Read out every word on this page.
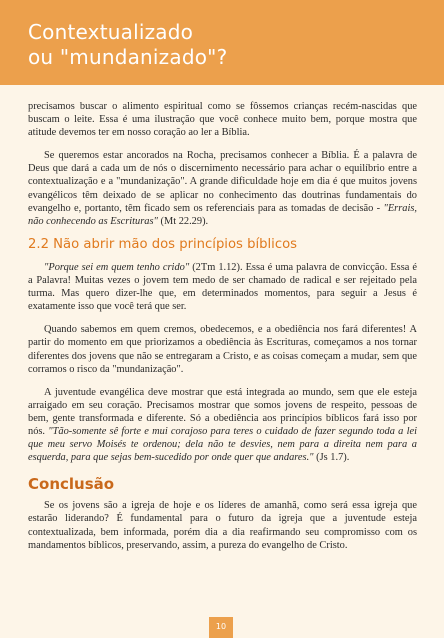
Contextualizado
ou "mundanizado"?

precisamos buscar o alimento espiritual como se fôssemos crianças recém-nascidas que buscam o leite. Essa é uma ilustração que você conhece muito bem, porque mostra que atitude devemos ter em nosso coração ao ler a Bíblia.

Se queremos estar ancorados na Rocha, precisamos conhecer a Bíblia. É a palavra de Deus que dará a cada um de nós o discernimento necessário para achar o equilíbrio entre a contextualização e a "mundanização". A grande dificuldade hoje em dia é que muitos jovens evangélicos têm deixado de se aplicar no conhecimento das doutrinas fundamentais do evangelho e, portanto, têm ficado sem os referenciais para as tomadas de decisão - "Errais, não conhecendo as Escrituras" (Mt 22.29).

2.2 Não abrir mão dos princípios bíblicos

"Porque sei em quem tenho crido" (2Tm 1.12). Essa é uma palavra de convicção. Essa é a Palavra! Muitas vezes o jovem tem medo de ser chamado de radical e ser rejeitado pela turma. Mas quero dizer-lhe que, em determinados momentos, para seguir a Jesus é exatamente isso que você terá que ser.

Quando sabemos em quem cremos, obedecemos, e a obediência nos fará diferentes! A partir do momento em que priorizamos a obediência às Escrituras, começamos a nos tornar diferentes dos jovens que não se entregaram a Cristo, e as coisas começam a mudar, sem que corramos o risco da "mundanização".

A juventude evangélica deve mostrar que está integrada ao mundo, sem que ele esteja arraigado em seu coração. Precisamos mostrar que somos jovens de respeito, pessoas de bem, gente transformada e diferente. Só a obediência aos princípios bíblicos fará isso por nós. "Tão-somente sê forte e mui corajoso para teres o cuidado de fazer segundo toda a lei que meu servo Moisés te ordenou; dela não te desvies, nem para a direita nem para a esquerda, para que sejas bem-sucedido por onde quer que andares." (Js 1.7).

Conclusão

Se os jovens são a igreja de hoje e os líderes de amanhã, como será essa igreja que estarão liderando? É fundamental para o futuro da igreja que a juventude esteja contextualizada, bem informada, porém dia a dia reafirmando seu compromisso com os mandamentos bíblicos, preservando, assim, a pureza do evangelho de Cristo.

10
